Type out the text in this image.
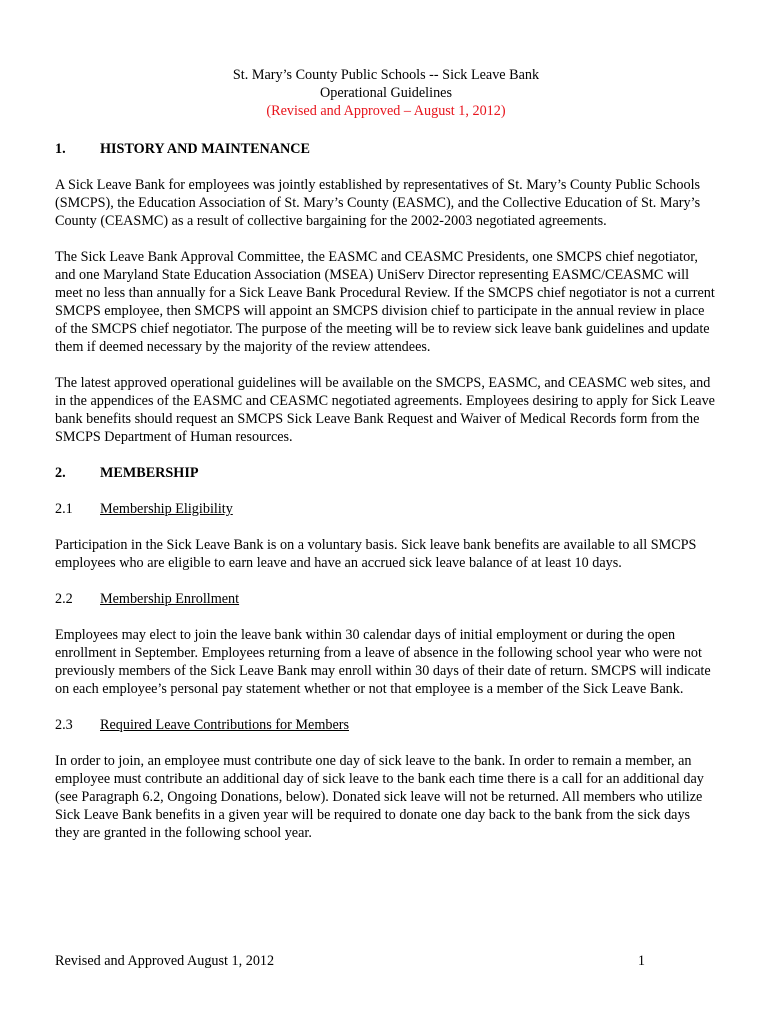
St. Mary’s County Public Schools -- Sick Leave Bank
Operational Guidelines
(Revised and Approved – August 1, 2012)
1.	HISTORY AND MAINTENANCE

A Sick Leave Bank for employees was jointly established by representatives of St. Mary’s County Public Schools (SMCPS), the Education Association of St. Mary’s County (EASMC), and the Collective Education of St. Mary’s County (CEASMC) as a result of collective bargaining for the 2002-2003 negotiated agreements.

The Sick Leave Bank Approval Committee, the EASMC and CEASMC Presidents, one SMCPS chief negotiator, and one Maryland State Education Association (MSEA) UniServ Director representing EASMC/CEASMC will meet no less than annually for a Sick Leave Bank Procedural Review. If the SMCPS chief negotiator is not a current SMCPS employee, then SMCPS will appoint an SMCPS division chief to participate in the annual review in place of the SMCPS chief negotiator. The purpose of the meeting will be to review sick leave bank guidelines and update them if deemed necessary by the majority of the review attendees.

The latest approved operational guidelines will be available on the SMCPS, EASMC, and CEASMC web sites, and in the appendices of the EASMC and CEASMC negotiated agreements. Employees desiring to apply for Sick Leave bank benefits should request an SMCPS Sick Leave Bank Request and Waiver of Medical Records form from the SMCPS Department of Human resources.

2.	MEMBERSHIP
2.1	Membership Eligibility

Participation in the Sick Leave Bank is on a voluntary basis. Sick leave bank benefits are available to all SMCPS employees who are eligible to earn leave and have an accrued sick leave balance of at least 10 days.

2.2	Membership Enrollment

Employees may elect to join the leave bank within 30 calendar days of initial employment or during the open enrollment in September. Employees returning from a leave of absence in the following school year who were not previously members of the Sick Leave Bank may enroll within 30 days of their date of return. SMCPS will indicate on each employee’s personal pay statement whether or not that employee is a member of the Sick Leave Bank.

2.3	Required Leave Contributions for Members

In order to join, an employee must contribute one day of sick leave to the bank. In order to remain a member, an employee must contribute an additional day of sick leave to the bank each time there is a call for an additional day (see Paragraph 6.2, Ongoing Donations, below). Donated sick leave will not be returned. All members who utilize Sick Leave Bank benefits in a given year will be required to donate one day back to the bank from the sick days they are granted in the following school year.

Revised and Approved August 1, 2012	1
